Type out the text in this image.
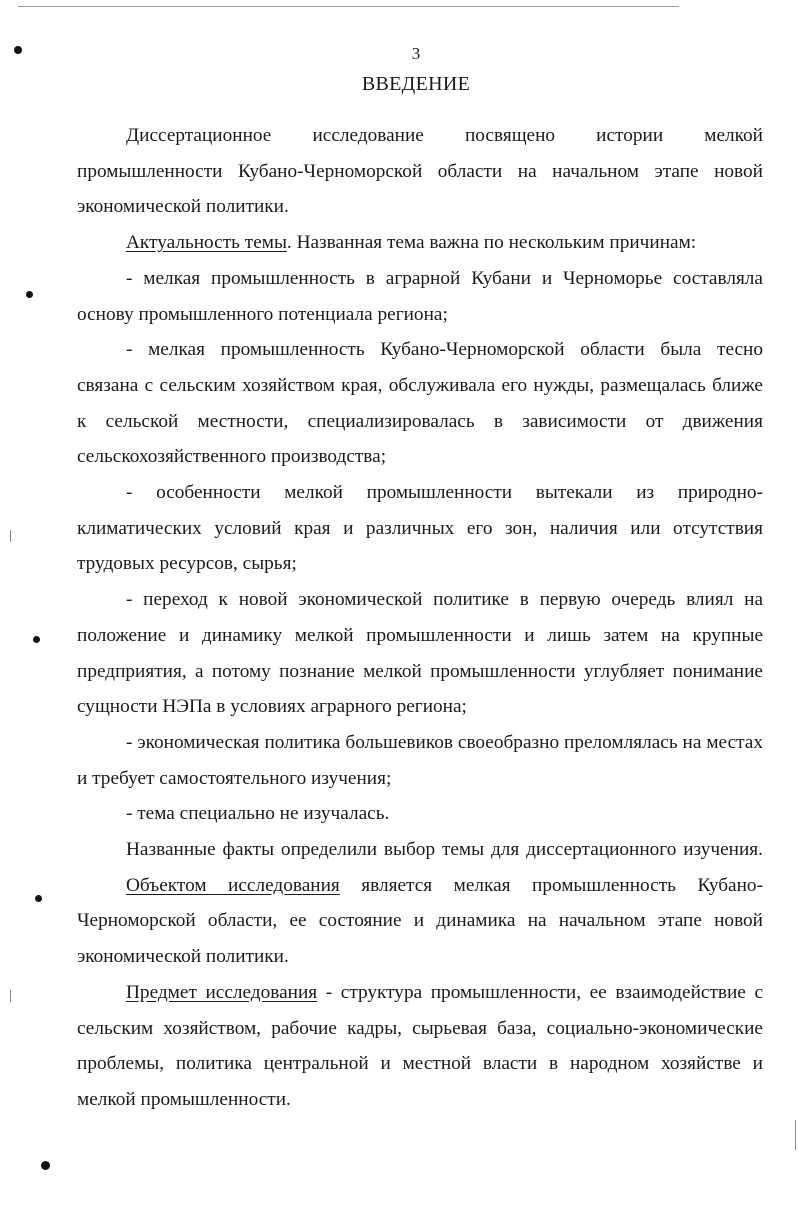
3
ВВЕДЕНИЕ

Диссертационное исследование посвящено истории мелкой промышленности Кубано-Черноморской области на начальном этапе новой экономической политики.

Актуальность темы. Названная тема важна по нескольким причинам:

- мелкая промышленность в аграрной Кубани и Черноморье составляла основу промышленного потенциала региона;

- мелкая промышленность Кубано-Черноморской области была тесно связана с сельским хозяйством края, обслуживала его нужды, размещалась ближе к сельской местности, специализировалась в зависимости от движения сельскохозяйственного производства;

- особенности мелкой промышленности вытекали из природно-климатических условий края и различных его зон, наличия или отсутствия трудовых ресурсов, сырья;

- переход к новой экономической политике в первую очередь влиял на положение и динамику мелкой промышленности и лишь затем на крупные предприятия, а потому познание мелкой промышленности углубляет понимание сущности НЭПа в условиях аграрного региона;

- экономическая политика большевиков своеобразно преломлялась на местах и требует самостоятельного изучения;

- тема специально не изучалась.

Названные факты определили выбор темы для диссертационного изучения.

Объектом исследования является мелкая промышленность Кубано-Черноморской области, ее состояние и динамика на начальном этапе новой экономической политики.

Предмет исследования - структура промышленности, ее взаимодействие с сельским хозяйством, рабочие кадры, сырьевая база, социально-экономические проблемы, политика центральной и местной власти в народном хозяйстве и мелкой промышленности.
